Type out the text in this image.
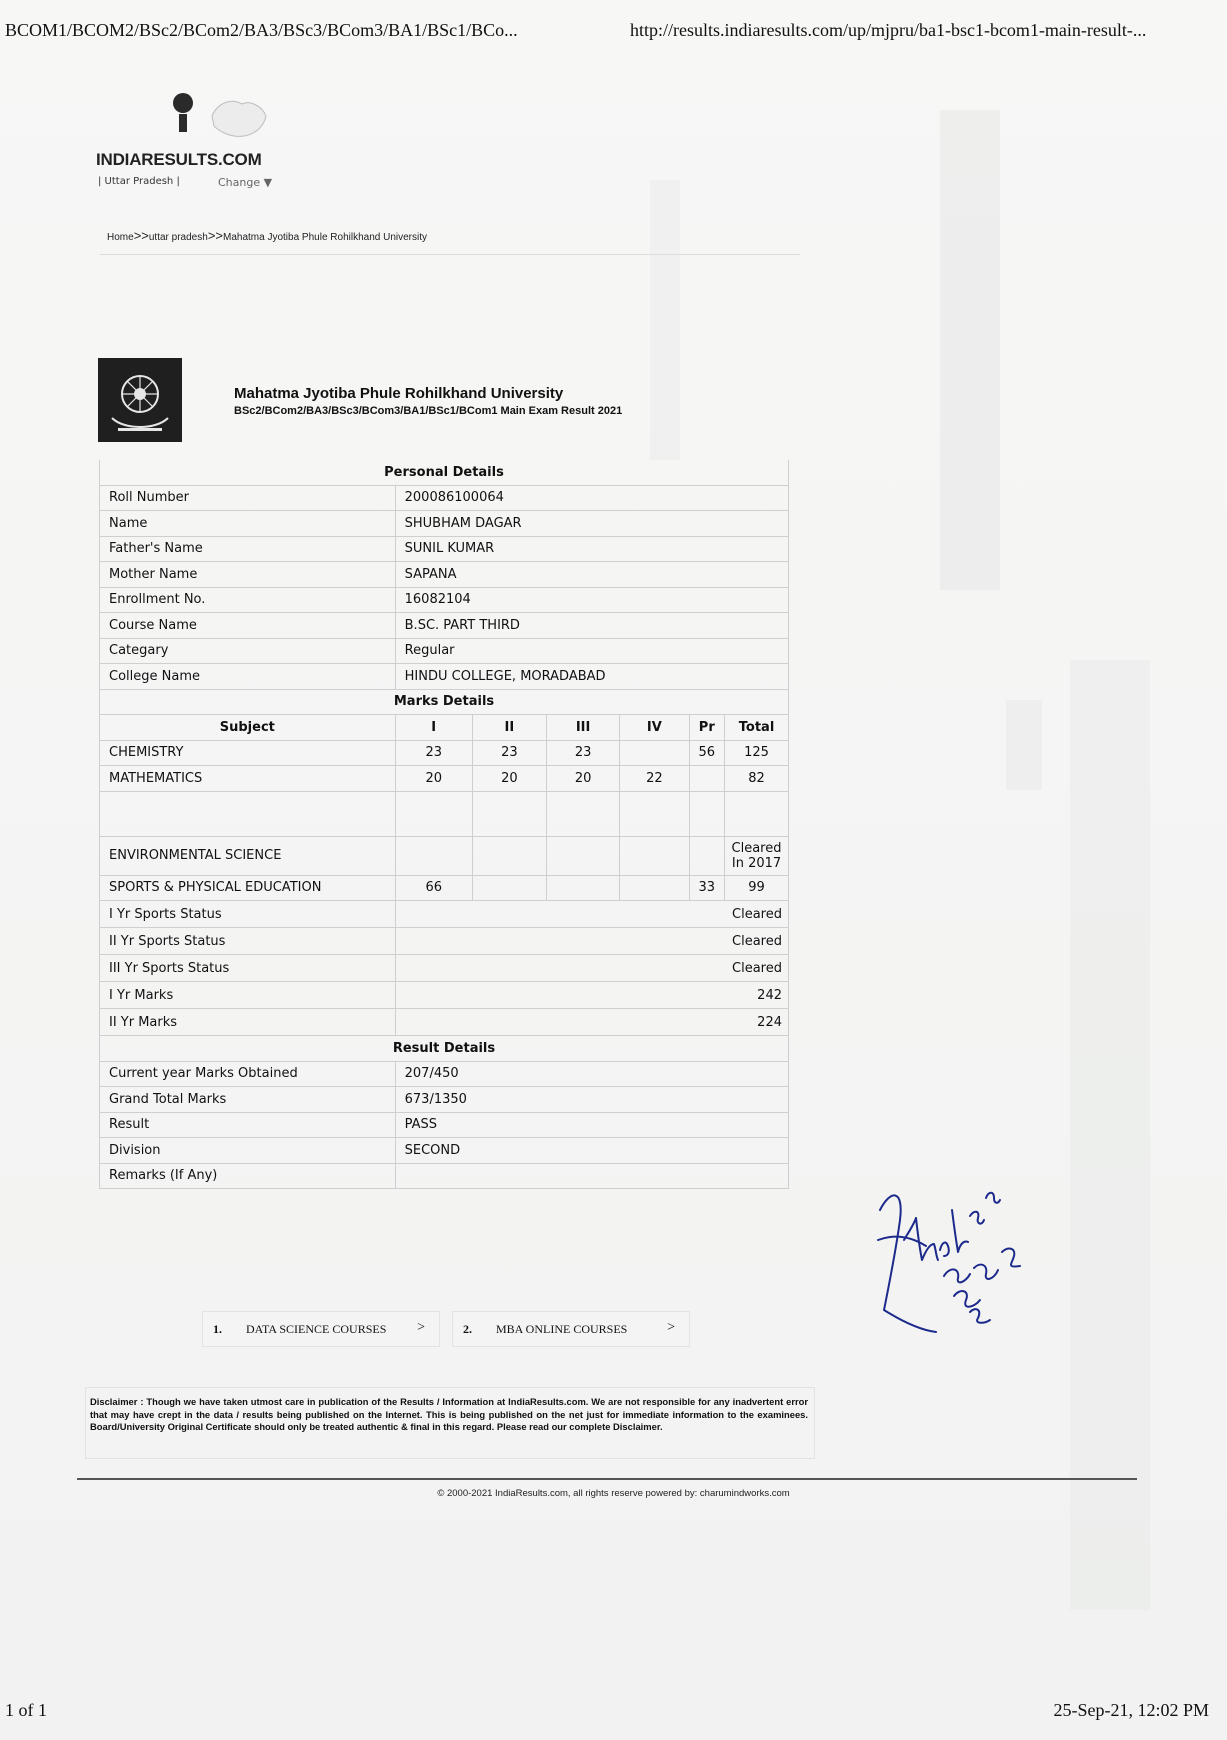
BCOM1/BCOM2/BSc2/BCom2/BA3/BSc3/BCom3/BA1/BSc1/BCo...	http://results.indiaresults.com/up/mjpru/ba1-bsc1-bcom1-main-result-...
INDIARESULTS.COM
| Uttar Pradesh |	Change ▼
Home>>uttar pradesh>>Mahatma Jyotiba Phule Rohilkhand University
Mahatma Jyotiba Phule Rohilkhand University
BSc2/BCom2/BA3/BSc3/BCom3/BA1/BSc1/BCom1 Main Exam Result 2021
Personal Details						
Roll Number	200086100064					
Name	SHUBHAM DAGAR					
Father's Name	SUNIL KUMAR					
Mother Name	SAPANA					
Enrollment No.	16082104					
Course Name	B.SC. PART THIRD					
Categary	Regular					
College Name	HINDU COLLEGE, MORADABAD					
Marks Details						
Subject	I	II	III	IV	Pr	Total
CHEMISTRY	23	23	23		56	125
MATHEMATICS	20	20	20	22		82

ENVIRONMENTAL SCIENCE						Cleared In 2017
SPORTS & PHYSICAL EDUCATION	66				33	99
I Yr Sports Status	Cleared					
II Yr Sports Status	Cleared					
III Yr Sports Status	Cleared					
I Yr Marks	242					
II Yr Marks	224					
Result Details						
Current year Marks Obtained	207/450					
Grand Total Marks	673/1350					
Result	PASS					
Division	SECOND					
Remarks (If Any)						
1. DATA SCIENCE COURSES >	2. MBA ONLINE COURSES	>
Disclaimer : Though we have taken utmost care in publication of the Results / Information at IndiaResults.com. We are not responsible for any inadvertent error that may have crept in the data / results being published on the Internet. This is being published on the net just for immediate information to the examinees. Board/University Original Certificate should only be treated authentic & final in this regard. Please read our complete Disclaimer.
© 2000-2021 IndiaResults.com, all rights reserve powered by: charumindworks.com
1 of 1	25-Sep-21, 12:02 PM
